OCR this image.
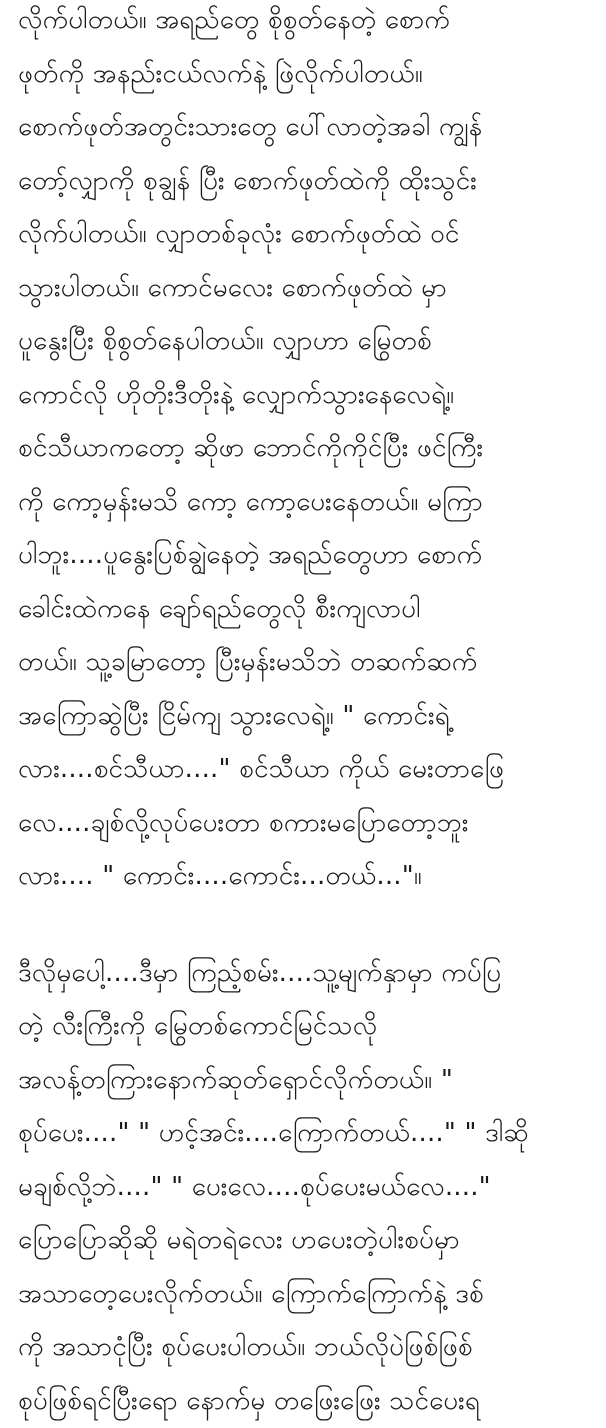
လိုက်ပါတယ်။ အရည်တွေ စိုစွတ်နေတဲ့ စောက်
ဖုတ်ကို အနည်းငယ်လက်နဲ့ ဖြဲလိုက်ပါတယ်။
စောက်ဖုတ်အတွင်းသားတွေ ပေါ်လာတဲ့အခါ ကျွန်
တော့်လျှာကို စုချွန် ပြီး စောက်ဖုတ်ထဲကို ထိုးသွင်း
လိုက်ပါတယ်။ လျှာတစ်ခုလုံး စောက်ဖုတ်ထဲ ဝင်
သွားပါတယ်။ ကောင်မလေး စောက်ဖုတ်ထဲ မှာ
ပူနွေးပြီး စိုစွတ်နေပါတယ်။ လျှာဟာ မြွေတစ်
ကောင်လို ဟိုတိုးဒီတိုးနဲ့ လျှောက်သွားနေလေရဲ့။
စင်သီယာကတော့ ဆိုဖာ ဘောင်ကိုကိုင်ပြီး ဖင်ကြီး
ကို ကော့မှန်းမသိ ကော့ ကော့ပေးနေတယ်။ မကြာ
ပါဘူး....ပူနွေးပြစ်ချွဲနေတဲ့ အရည်တွေဟာ စောက်
ခေါင်းထဲကနေ ချော်ရည်တွေလို စီးကျလာပါ
တယ်။ သူ့ခမြာတော့ ပြီးမှန်းမသိဘဲ တဆက်ဆက်
အကြောဆွဲပြီး ငြိမ်ကျ သွားလေရဲ့။ " ကောင်းရဲ့
လား....စင်သီယာ...." စင်သီယာ ကိုယ် မေးတာဖြေ
လေ....ချစ်လို့လုပ်ပေးတာ စကားမပြောတော့ဘူး
လား.... " ကောင်း....ကောင်း...တယ်..."။
ဒီလိုမှပေါ့....ဒီမှာ ကြည့်စမ်း....သူ့မျက်နှာမှာ ကပ်ပြ
တဲ့ လီးကြီးကို မြွေတစ်ကောင်မြင်သလို
အလန့်တကြားနောက်ဆုတ်ရှောင်လိုက်တယ်။ "
စုပ်ပေး...." " ဟင့်အင်း....ကြောက်တယ်...." " ဒါဆို
မချစ်လို့ဘဲ...." " ပေးလေ....စုပ်ပေးမယ်လေ...."
ပြောပြောဆိုဆို မရဲတရဲလေး ဟပေးတဲ့ပါးစပ်မှာ
အသာတေ့ပေးလိုက်တယ်။ ကြောက်ကြောက်နဲ့ ဒစ်
ကို အသာငုံပြီး စုပ်ပေးပါတယ်။ ဘယ်လိုပဲဖြစ်ဖြစ်
စုပ်ဖြစ်ရင်ပြီးရော နောက်မှ တဖြေးဖြေး သင်ပေးရ
